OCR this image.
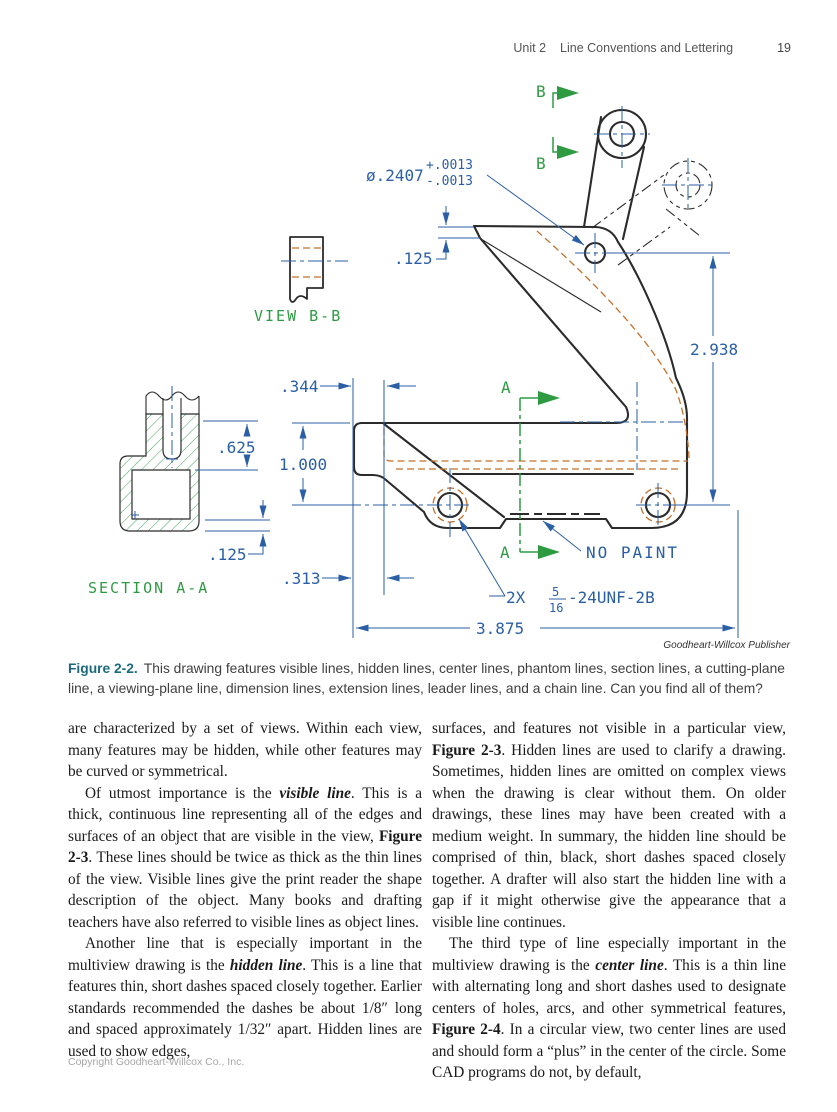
Unit 2 Line Conventions and Lettering	19
SECTION A-A
VIEW B-B
B
B
A
A
.125
ø.2407
+.0013
-.0013
2.938
.344
.313
1.000
3.875
.625
.125	NO PAINT
2X 5
16
-24UNF-2B
Figure 2-2. This drawing features visible lines, hidden lines, center lines, phantom lines, section lines, a cutting-plane line, a viewing-plane line, dimension lines, extension lines, leader lines, and a chain line. Can you find all of them?
Goodheart-Willcox Publisher

are characterized by a set of views. Within each view, many features may be hidden, while other features may be curved or symmetrical.

Of utmost importance is the visible line. This is a thick, continuous line representing all of the edges and surfaces of an object that are visible in the view, Figure 2-3. These lines should be twice as thick as the thin lines of the view. Visible lines give the print reader the shape description of the object. Many books and drafting teachers have also referred to visible lines as object lines.

Another line that is especially important in the multiview drawing is the hidden line. This is a line that features thin, short dashes spaced closely together. Earlier standards recommended the dashes be about 1/8″ long and spaced approximately 1/32″ apart. Hidden lines are used to show edges,

surfaces, and features not visible in a particular view, Figure 2-3. Hidden lines are used to clarify a drawing. Sometimes, hidden lines are omitted on complex views when the drawing is clear without them. On older drawings, these lines may have been created with a medium weight. In summary, the hidden line should be comprised of thin, black, short dashes spaced closely together. A drafter will also start the hidden line with a gap if it might otherwise give the appearance that a visible line continues.

The third type of line especially important in the multiview drawing is the center line. This is a thin line with alternating long and short dashes used to designate centers of holes, arcs, and other symmetrical features, Figure 2-4. In a circular view, two center lines are used and should form a “plus” in the center of the circle. Some CAD programs do not, by default,

Copyright Goodheart-Willcox Co., Inc.
